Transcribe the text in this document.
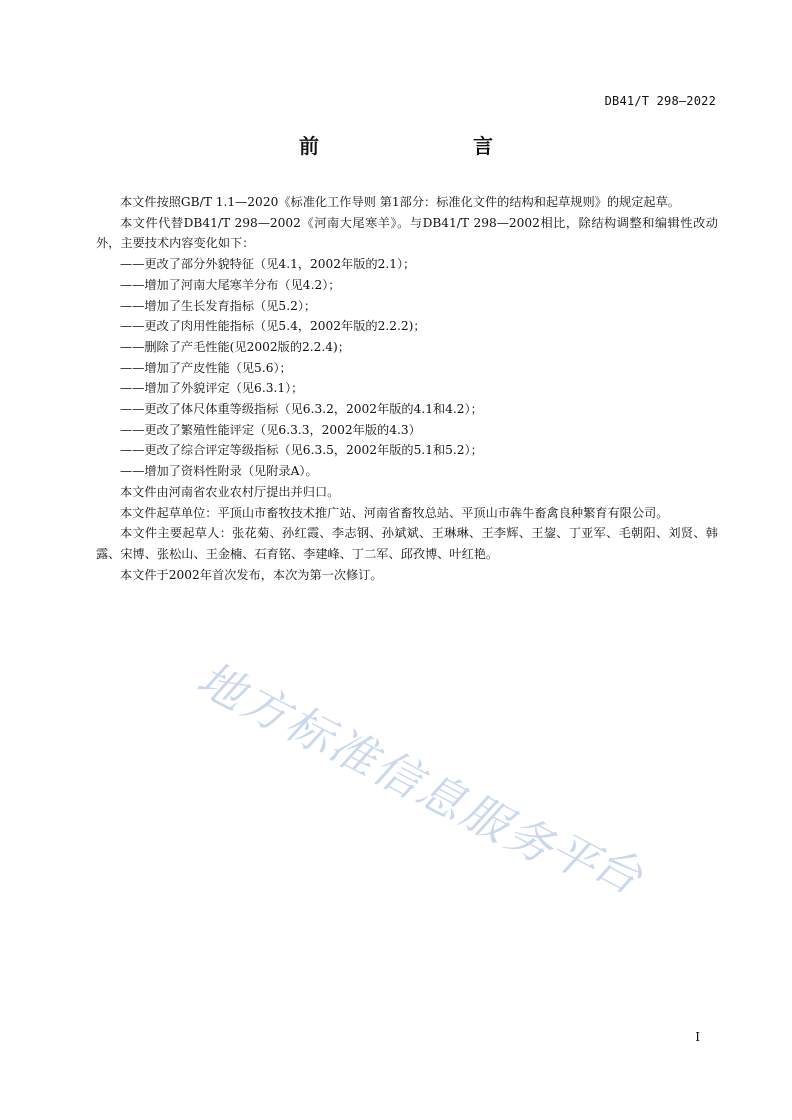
DB41/T 298—2022
前　　言

本文件按照GB/T 1.1—2020《标准化工作导则 第1部分：标准化文件的结构和起草规则》的规定起草。

本文件代替DB41/T 298—2002《河南大尾寒羊》。与DB41/T 298—2002相比，除结构调整和编辑性改动外，主要技术内容变化如下：

——更改了部分外貌特征（见4.1，2002年版的2.1）；

——增加了河南大尾寒羊分布（见4.2）；

——增加了生长发育指标（见5.2）；

——更改了肉用性能指标（见5.4，2002年版的2.2.2)；

——删除了产毛性能(见2002版的2.2.4)；

——增加了产皮性能（见5.6）；

——增加了外貌评定（见6.3.1）；

——更改了体尺体重等级指标（见6.3.2，2002年版的4.1和4.2）；

——更改了繁殖性能评定（见6.3.3，2002年版的4.3）

——更改了综合评定等级指标（见6.3.5，2002年版的5.1和5.2）；

——增加了资料性附录（见附录A）。

本文件由河南省农业农村厅提出并归口。

本文件起草单位：平顶山市畜牧技术推广站、河南省畜牧总站、平顶山市犇牛畜禽良种繁育有限公司。

本文件主要起草人：张花菊、孙红霞、李志钢、孙斌斌、王琳琳、王李辉、王鋆、丁亚军、毛朝阳、刘贤、韩露、宋博、张松山、王金楠、石育铭、李建峰、丁二军、邱孜博、叶红艳。

本文件于2002年首次发布，本次为第一次修订。

地
方
标
准
信
息
服
务
平
台
I
